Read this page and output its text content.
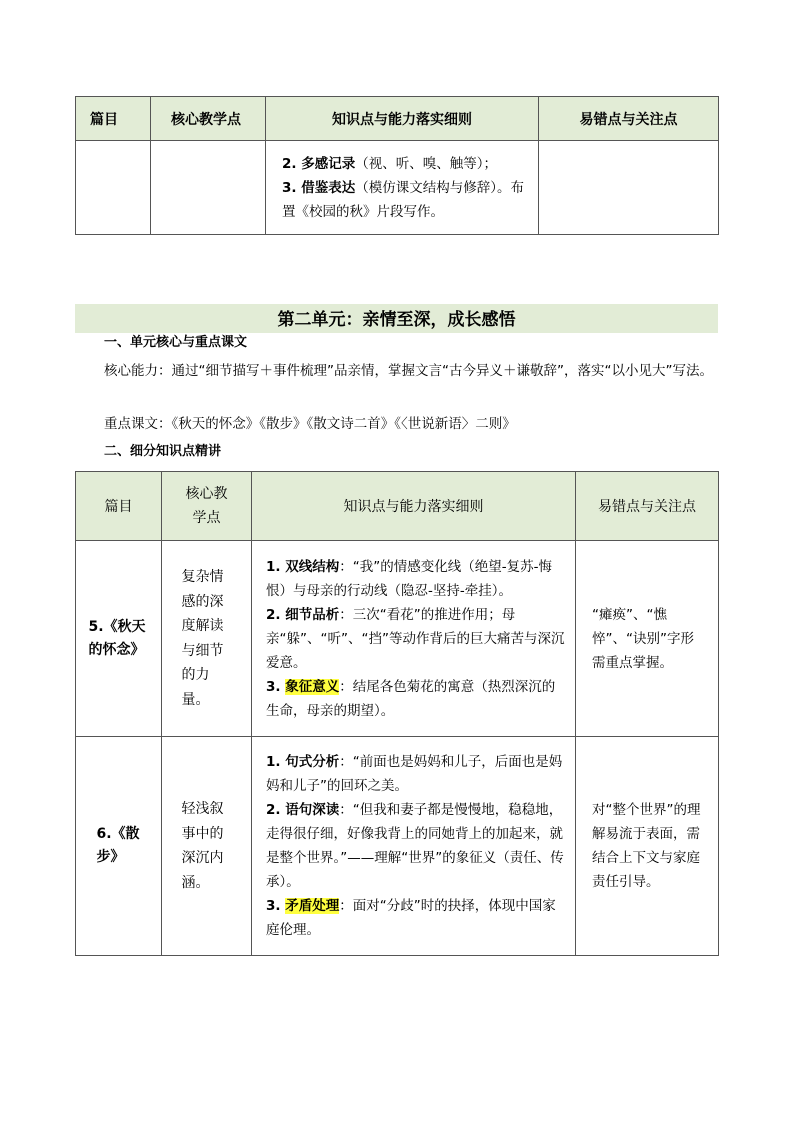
篇目	核心教学点	知识点与能力落实细则	易错点与关注点

		2. 多感记录（视、听、嗅、触等）；
3. 借鉴表达（模仿课文结构与修辞）。布置《校园的秋》片段写作。	

第二单元：亲情至深，成长感悟
一、单元核心与重点课文
核心能力：通过“细节描写＋事件梳理”品亲情，掌握文言“古今异义＋谦敬辞”，落实“以小见大”写法。
重点课文：《秋天的怀念》《散步》《散文诗二首》《〈世说新语〉二则》
二、细分知识点精讲
篇目	核心教学点	知识点与能力落实细则	易错点与关注点
5.《秋天的怀念》	复杂情感的深度解读与细节的力量。	1. 双线结构：“我”的情感变化线（绝望-复苏-悔恨）与母亲的行动线（隐忍-坚持-牵挂）。
2. 细节品析：三次“看花”的推进作用；母亲“躲”、“听”、“挡”等动作背后的巨大痛苦与深沉爱意。
3. 象征意义：结尾各色菊花的寓意（热烈深沉的生命，母亲的期望）。	“瘫痪”、“憔悴”、“诀别”字形需重点掌握。
6.《散步》	轻浅叙事中的深沉内涵。	1. 句式分析：“前面也是妈妈和儿子，后面也是妈妈和儿子”的回环之美。
2. 语句深读：“但我和妻子都是慢慢地，稳稳地，走得很仔细，好像我背上的同她背上的加起来，就是整个世界。”——理解“世界”的象征义（责任、传承）。
3. 矛盾处理：面对“分歧”时的抉择，体现中国家庭伦理。	对“整个世界”的理解易流于表面，需结合上下文与家庭责任引导。
